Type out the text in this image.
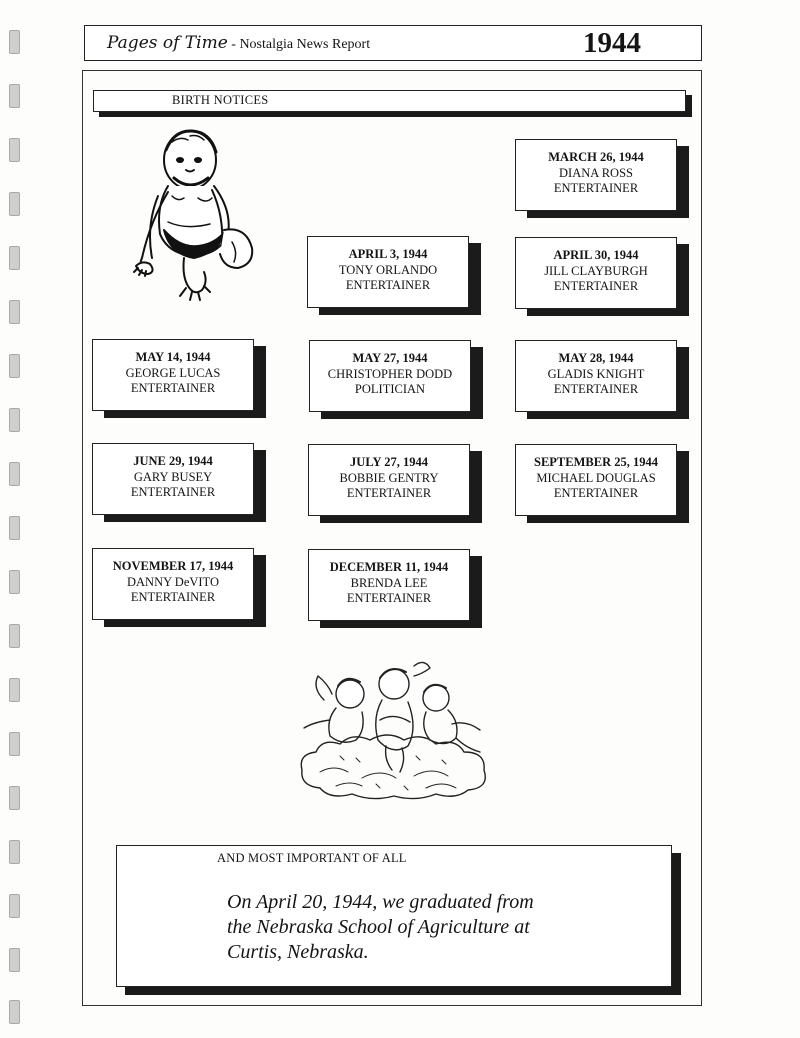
Pages of Time - Nostalgia News Report	1944
BIRTH NOTICES
MARCH 26, 1944
DIANA ROSS
ENTERTAINER
APRIL 3, 1944
TONY ORLANDO
ENTERTAINER
APRIL 30, 1944
JILL CLAYBURGH
ENTERTAINER
MAY 14, 1944
GEORGE LUCAS
ENTERTAINER
MAY 27, 1944
CHRISTOPHER DODD
POLITICIAN
MAY 28, 1944
GLADIS KNIGHT
ENTERTAINER
JUNE 29, 1944
GARY BUSEY
ENTERTAINER
JULY 27, 1944
BOBBIE GENTRY
ENTERTAINER
SEPTEMBER 25, 1944
MICHAEL DOUGLAS
ENTERTAINER
NOVEMBER 17, 1944
DANNY DeVITO
ENTERTAINER
DECEMBER 11, 1944
BRENDA LEE
ENTERTAINER
AND MOST IMPORTANT OF ALL
On April 20, 1944, we graduated from
the Nebraska School of Agriculture at
Curtis, Nebraska.
